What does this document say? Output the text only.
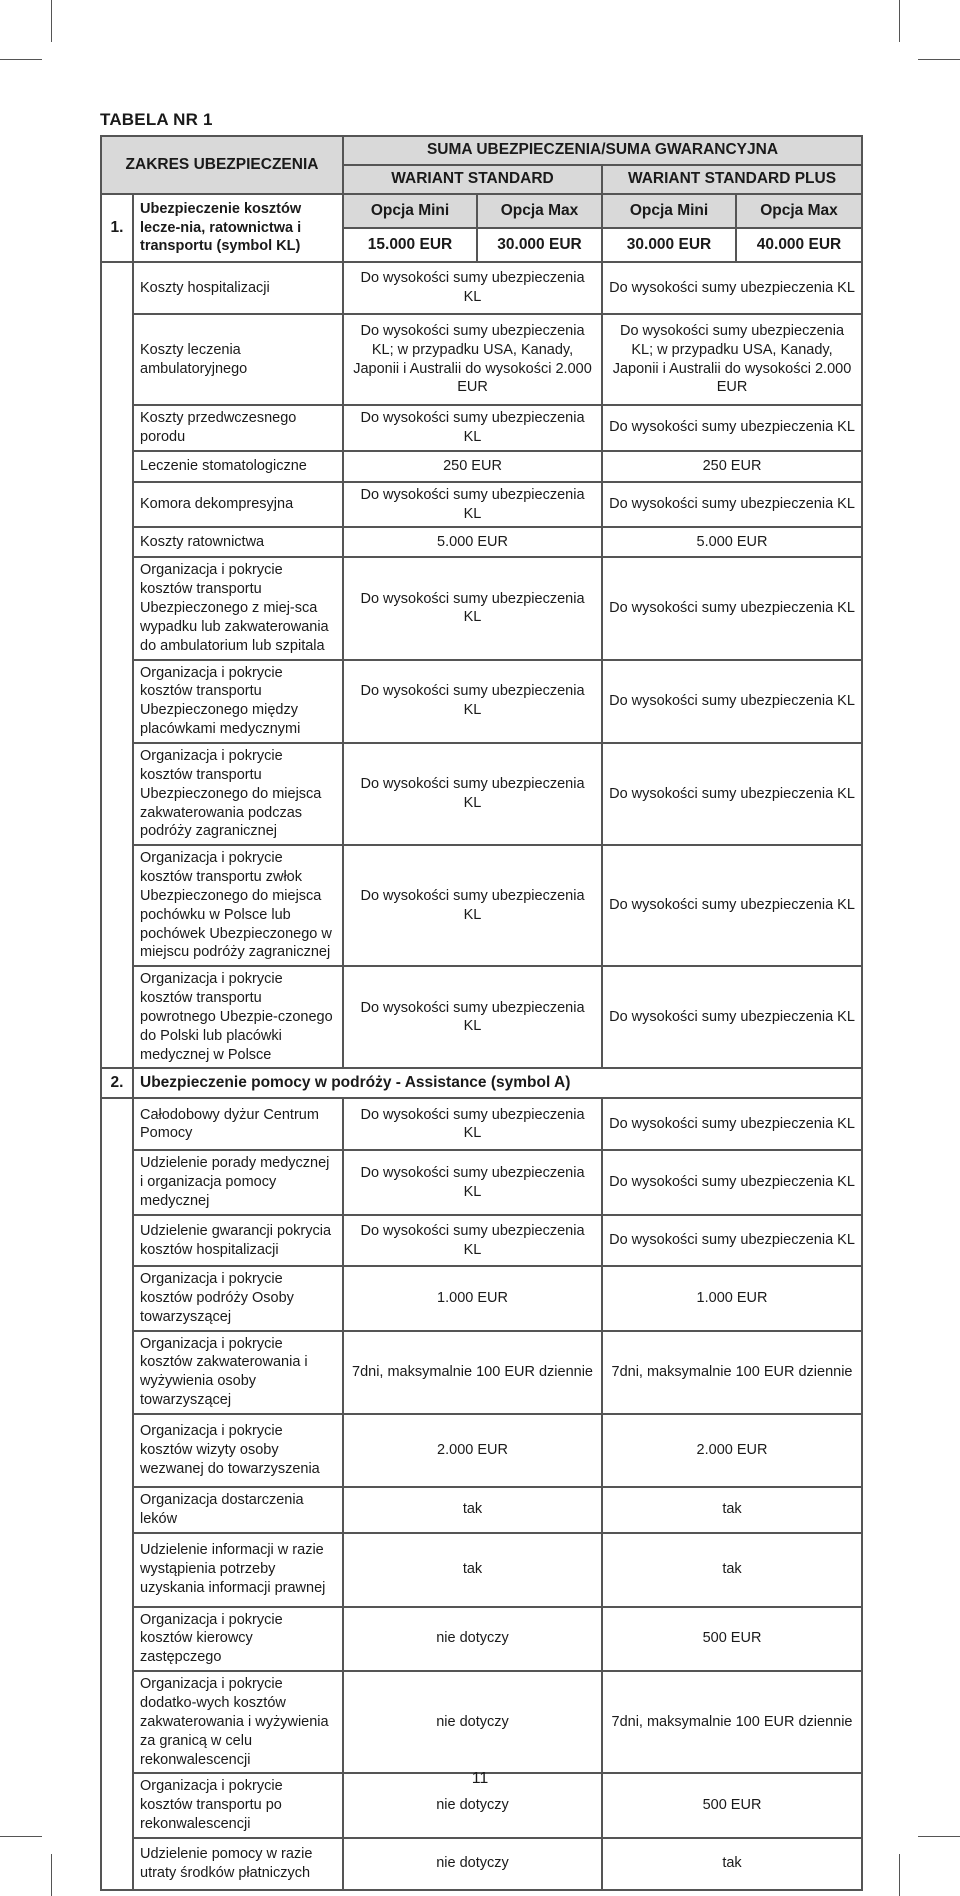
TABELA NR 1
ZAKRES UBEZPIECZENIA		SUMA UBEZPIECZENIA/SUMA GWARANCYJNA			
		WARIANT STANDARD		WARIANT STANDARD PLUS	
1.	Ubezpieczenie kosztów lecze-nia, ratownictwa i transportu (symbol KL)	Opcja Mini	Opcja Max	Opcja Mini	Opcja Max
		15.000 EUR	30.000 EUR	30.000 EUR	40.000 EUR
	Koszty hospitalizacji	Do wysokości sumy ubezpieczenia KL		Do wysokości sumy ubezpieczenia KL	
	Koszty leczenia ambulatoryjnego	Do wysokości sumy ubezpieczenia KL; w przypadku USA, Kanady, Japonii i Australii do wysokości 2.000 EUR		Do wysokości sumy ubezpieczenia KL; w przypadku USA, Kanady, Japonii i Australii do wysokości 2.000 EUR	
	Koszty przedwczesnego porodu	Do wysokości sumy ubezpieczenia KL		Do wysokości sumy ubezpieczenia KL	
	Leczenie stomatologiczne	250 EUR		250 EUR	
	Komora dekompresyjna	Do wysokości sumy ubezpieczenia KL		Do wysokości sumy ubezpieczenia KL	
	Koszty ratownictwa	5.000 EUR		5.000 EUR	
	Organizacja i pokrycie kosztów transportu Ubezpieczonego z miej-sca wypadku lub zakwaterowania do ambulatorium lub szpitala	Do wysokości sumy ubezpieczenia KL		Do wysokości sumy ubezpieczenia KL	
	Organizacja i pokrycie kosztów transportu Ubezpieczonego między placówkami medycznymi	Do wysokości sumy ubezpieczenia KL		Do wysokości sumy ubezpieczenia KL	
	Organizacja i pokrycie kosztów transportu Ubezpieczonego do miejsca zakwaterowania podczas podróży zagranicznej	Do wysokości sumy ubezpieczenia KL		Do wysokości sumy ubezpieczenia KL	
	Organizacja i pokrycie kosztów transportu zwłok Ubezpieczonego do miejsca pochówku w Polsce lub pochówek Ubezpieczonego w miejscu podróży zagranicznej	Do wysokości sumy ubezpieczenia KL		Do wysokości sumy ubezpieczenia KL	
	Organizacja i pokrycie kosztów transportu powrotnego Ubezpie-czonego do Polski lub placówki medycznej w Polsce	Do wysokości sumy ubezpieczenia KL		Do wysokości sumy ubezpieczenia KL	
2.	Ubezpieczenie pomocy w podróży - Assistance (symbol A)				
	Całodobowy dyżur Centrum Pomocy	Do wysokości sumy ubezpieczenia KL		Do wysokości sumy ubezpieczenia KL	
	Udzielenie porady medycznej i organizacja pomocy medycznej	Do wysokości sumy ubezpieczenia KL		Do wysokości sumy ubezpieczenia KL	
	Udzielenie gwarancji pokrycia kosztów hospitalizacji	Do wysokości sumy ubezpieczenia KL		Do wysokości sumy ubezpieczenia KL	
	Organizacja i pokrycie kosztów podróży Osoby towarzyszącej	1.000 EUR		1.000 EUR	
	Organizacja i pokrycie kosztów zakwaterowania i wyżywienia osoby towarzyszącej	7dni, maksymalnie 100 EUR dziennie		7dni, maksymalnie 100 EUR dziennie	
	Organizacja i pokrycie kosztów wizyty osoby wezwanej do towarzyszenia	2.000 EUR		2.000 EUR	
	Organizacja dostarczenia leków	tak		tak	
	Udzielenie informacji w razie wystąpienia potrzeby uzyskania informacji prawnej	tak		tak	
	Organizacja i pokrycie kosztów kierowcy zastępczego	nie dotyczy		500 EUR	
	Organizacja i pokrycie dodatko-wych kosztów zakwaterowania i wyżywienia za granicą w celu rekonwalescencji	nie dotyczy		7dni, maksymalnie 100 EUR dziennie	
	Organizacja i pokrycie kosztów transportu po rekonwalescencji	nie dotyczy		500 EUR	
	Udzielenie pomocy w razie utraty środków płatniczych	nie dotyczy		tak	
11
